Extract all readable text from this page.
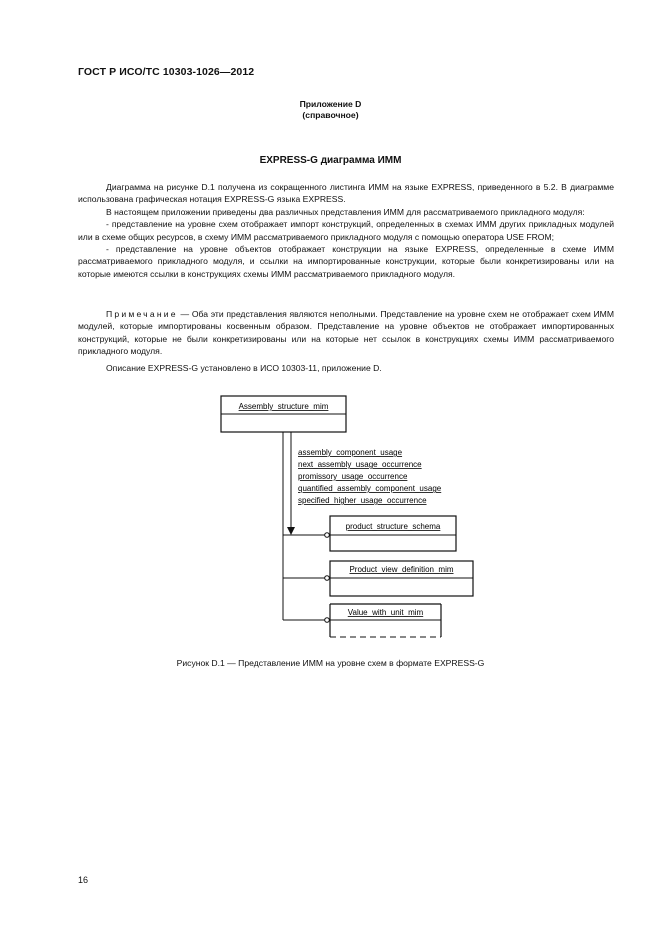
ГОСТ Р ИСО/ТС 10303-1026—2012
Приложение D
(справочное)
EXPRESS-G диаграмма ИММ

Диаграмма на рисунке D.1 получена из сокращенного листинга ИММ на языке EXPRESS, приведенного в 5.2. В диаграмме использована графическая нотация EXPRESS-G языка EXPRESS.

В настоящем приложении приведены два различных представления ИММ для рассматриваемого прикладного модуля:

- представление на уровне схем отображает импорт конструкций, определенных в схемах ИММ других прикладных модулей или в схеме общих ресурсов, в схему ИММ рассматриваемого прикладного модуля с помощью оператора USE FROM;

- представление на уровне объектов отображает конструкции на языке EXPRESS, определенные в схеме ИММ рассматриваемого прикладного модуля, и ссылки на импортированные конструкции, которые были конкретизированы или на которые имеются ссылки в конструкциях схемы ИММ рассматриваемого прикладного модуля.

Примечание — Оба эти представления являются неполными. Представление на уровне схем не отображает схем ИММ модулей, которые импортированы косвенным образом. Представление на уровне объектов не отображает импортированных конструкций, которые не были конкретизированы или на которые нет ссылок в конструкциях схемы ИММ рассматриваемого прикладного модуля.

Описание EXPRESS-G установлено в ИСО 10303-11, приложение D.

Assembly_structure_mim
assembly_component_usage
next_assembly_usage_occurrence
promissory_usage_occurrence
quantified_assembly_component_usage
specified_higher_usage_occurrence
product_structure_schema
Product_view_definition_mim
Value_with_unit_mim
Рисунок D.1 — Представление ИММ на уровне схем в формате EXPRESS-G
16
